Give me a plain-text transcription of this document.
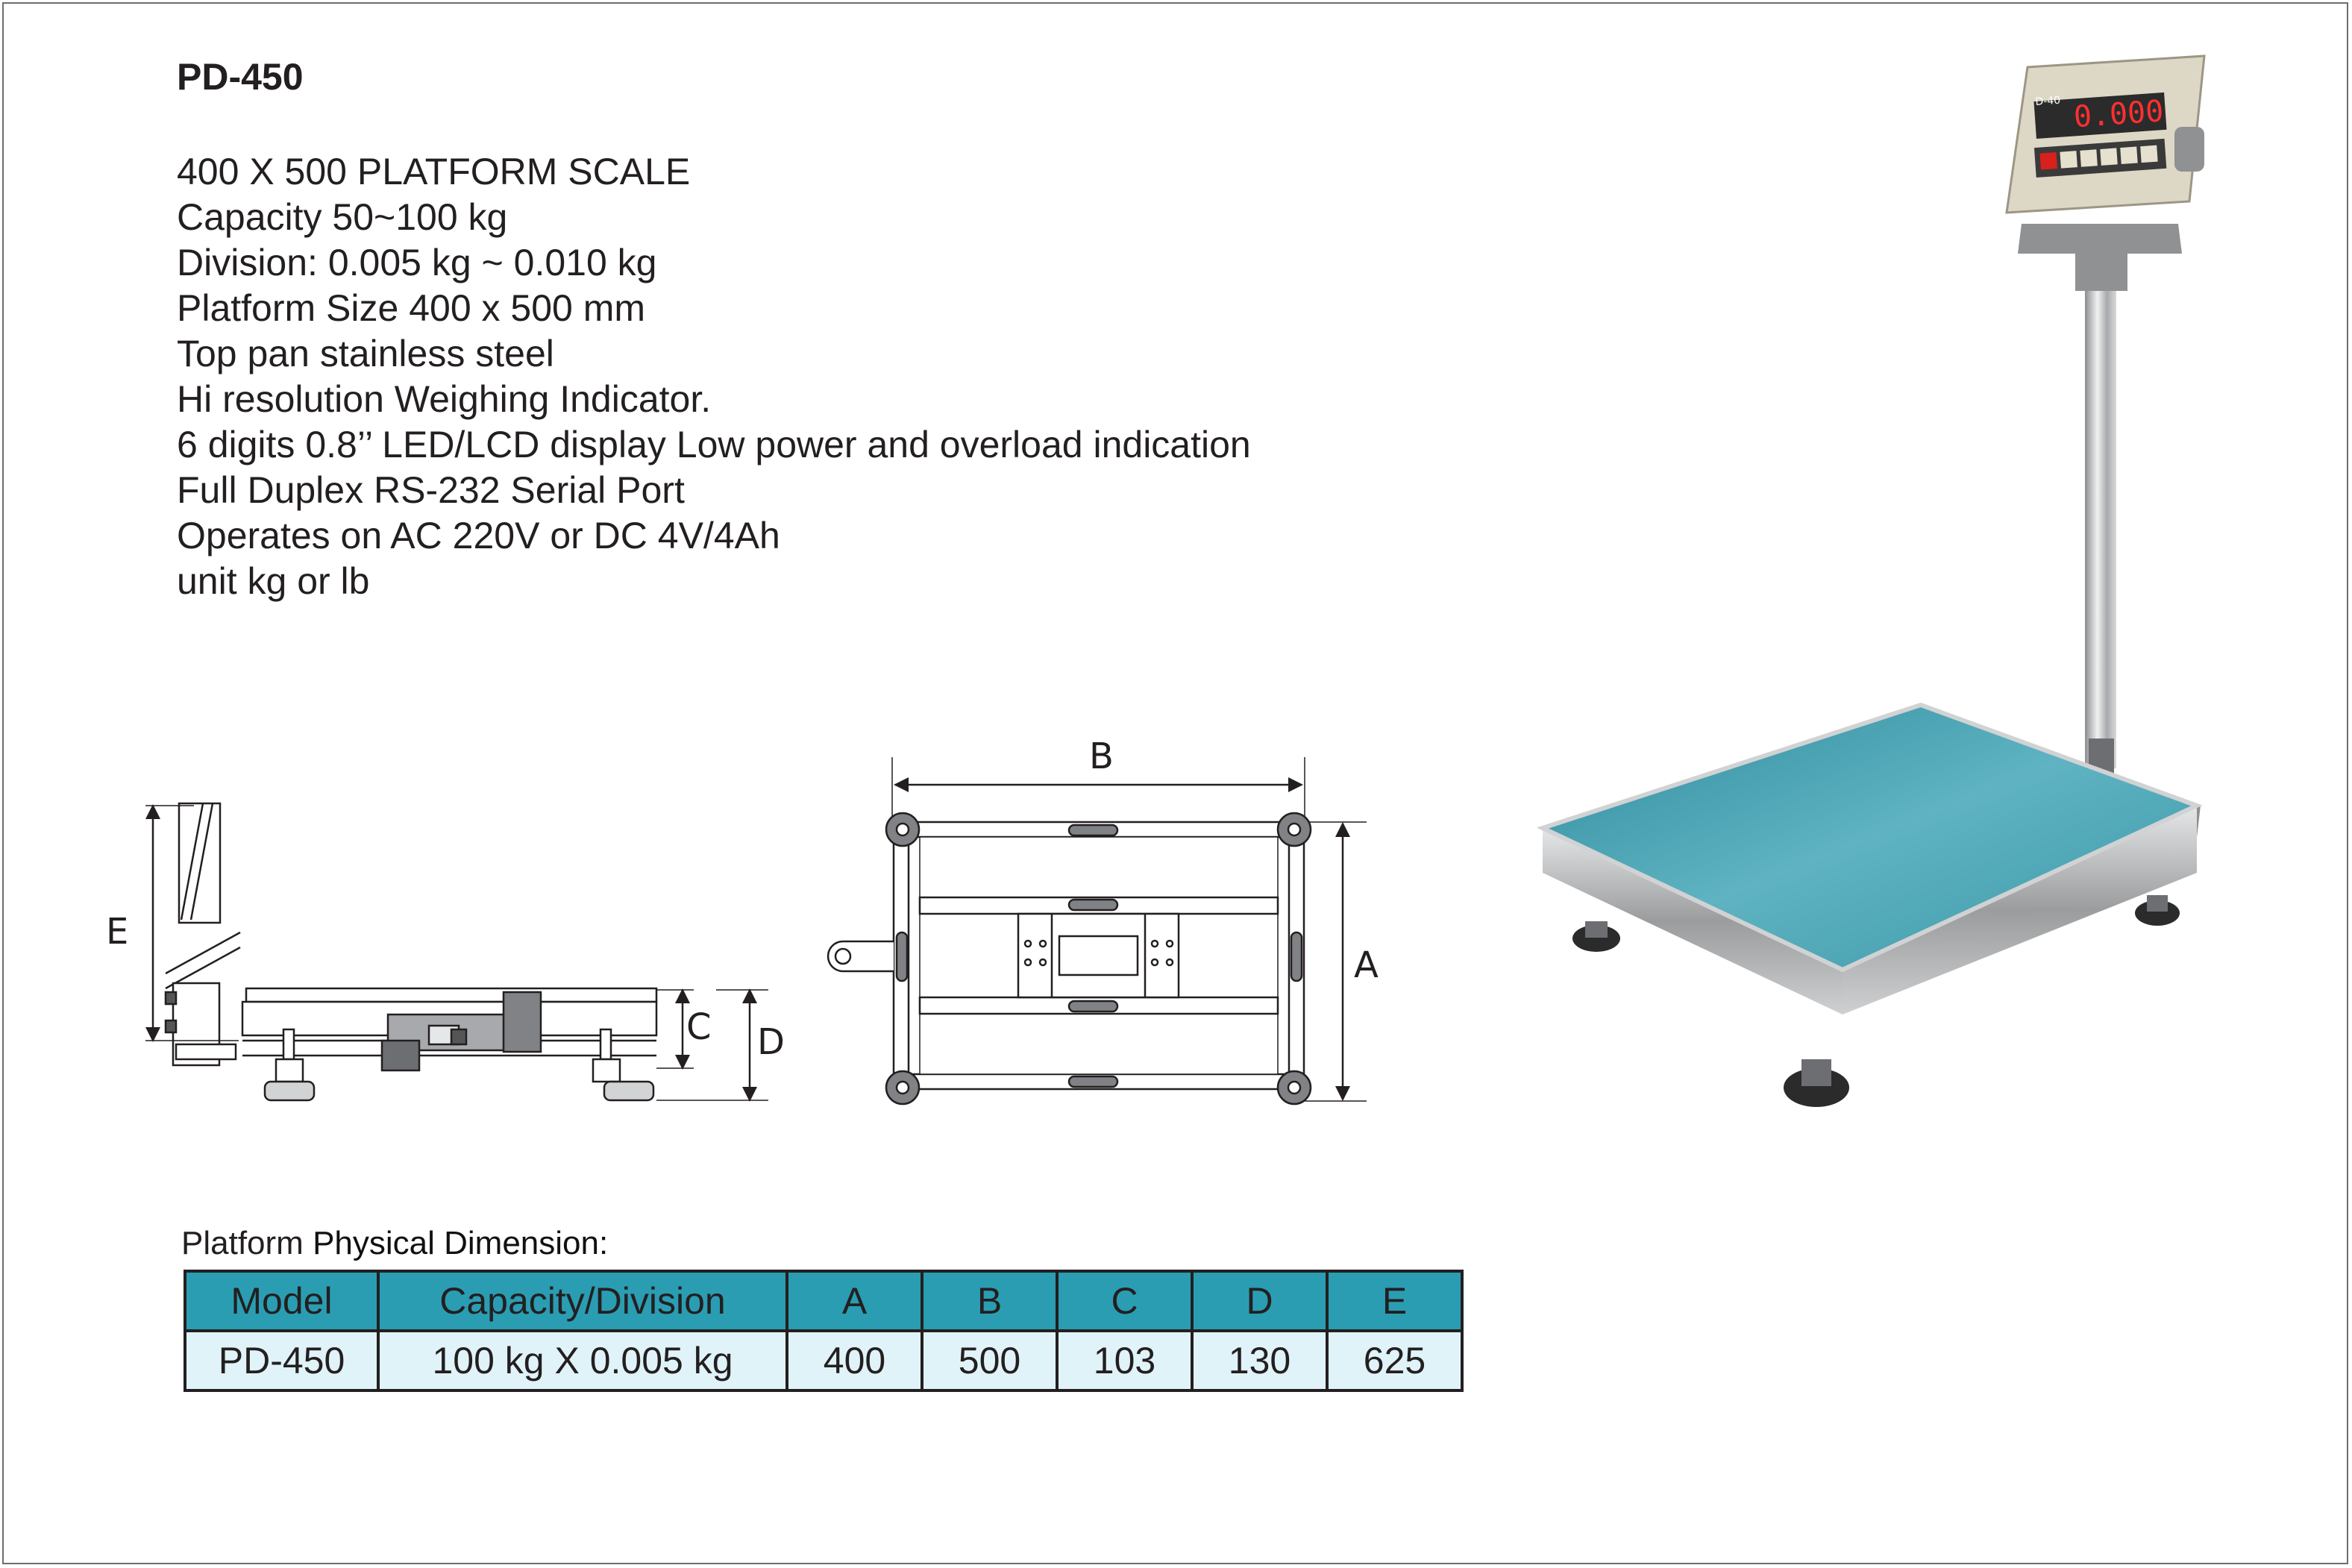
PD-450
400 X 500 PLATFORM SCALE
Capacity 50~100 kg
Division: 0.005 kg ~ 0.010 kg
Platform Size 400 x 500 mm
Top pan stainless steel
Hi resolution Weighing Indicator.
6 digits 0.8’’ LED/LCD display Low power and overload indication
Full Duplex RS-232 Serial Port
Operates on AC 220V or DC 4V/4Ah
unit kg or lb
E
C D
B
A
0.000
D-40
Platform Physical Dimension:
Model	Capacity/Division	A	B	C	D	E
PD-450	100 kg X 0.005 kg	400	500	103	130	625
